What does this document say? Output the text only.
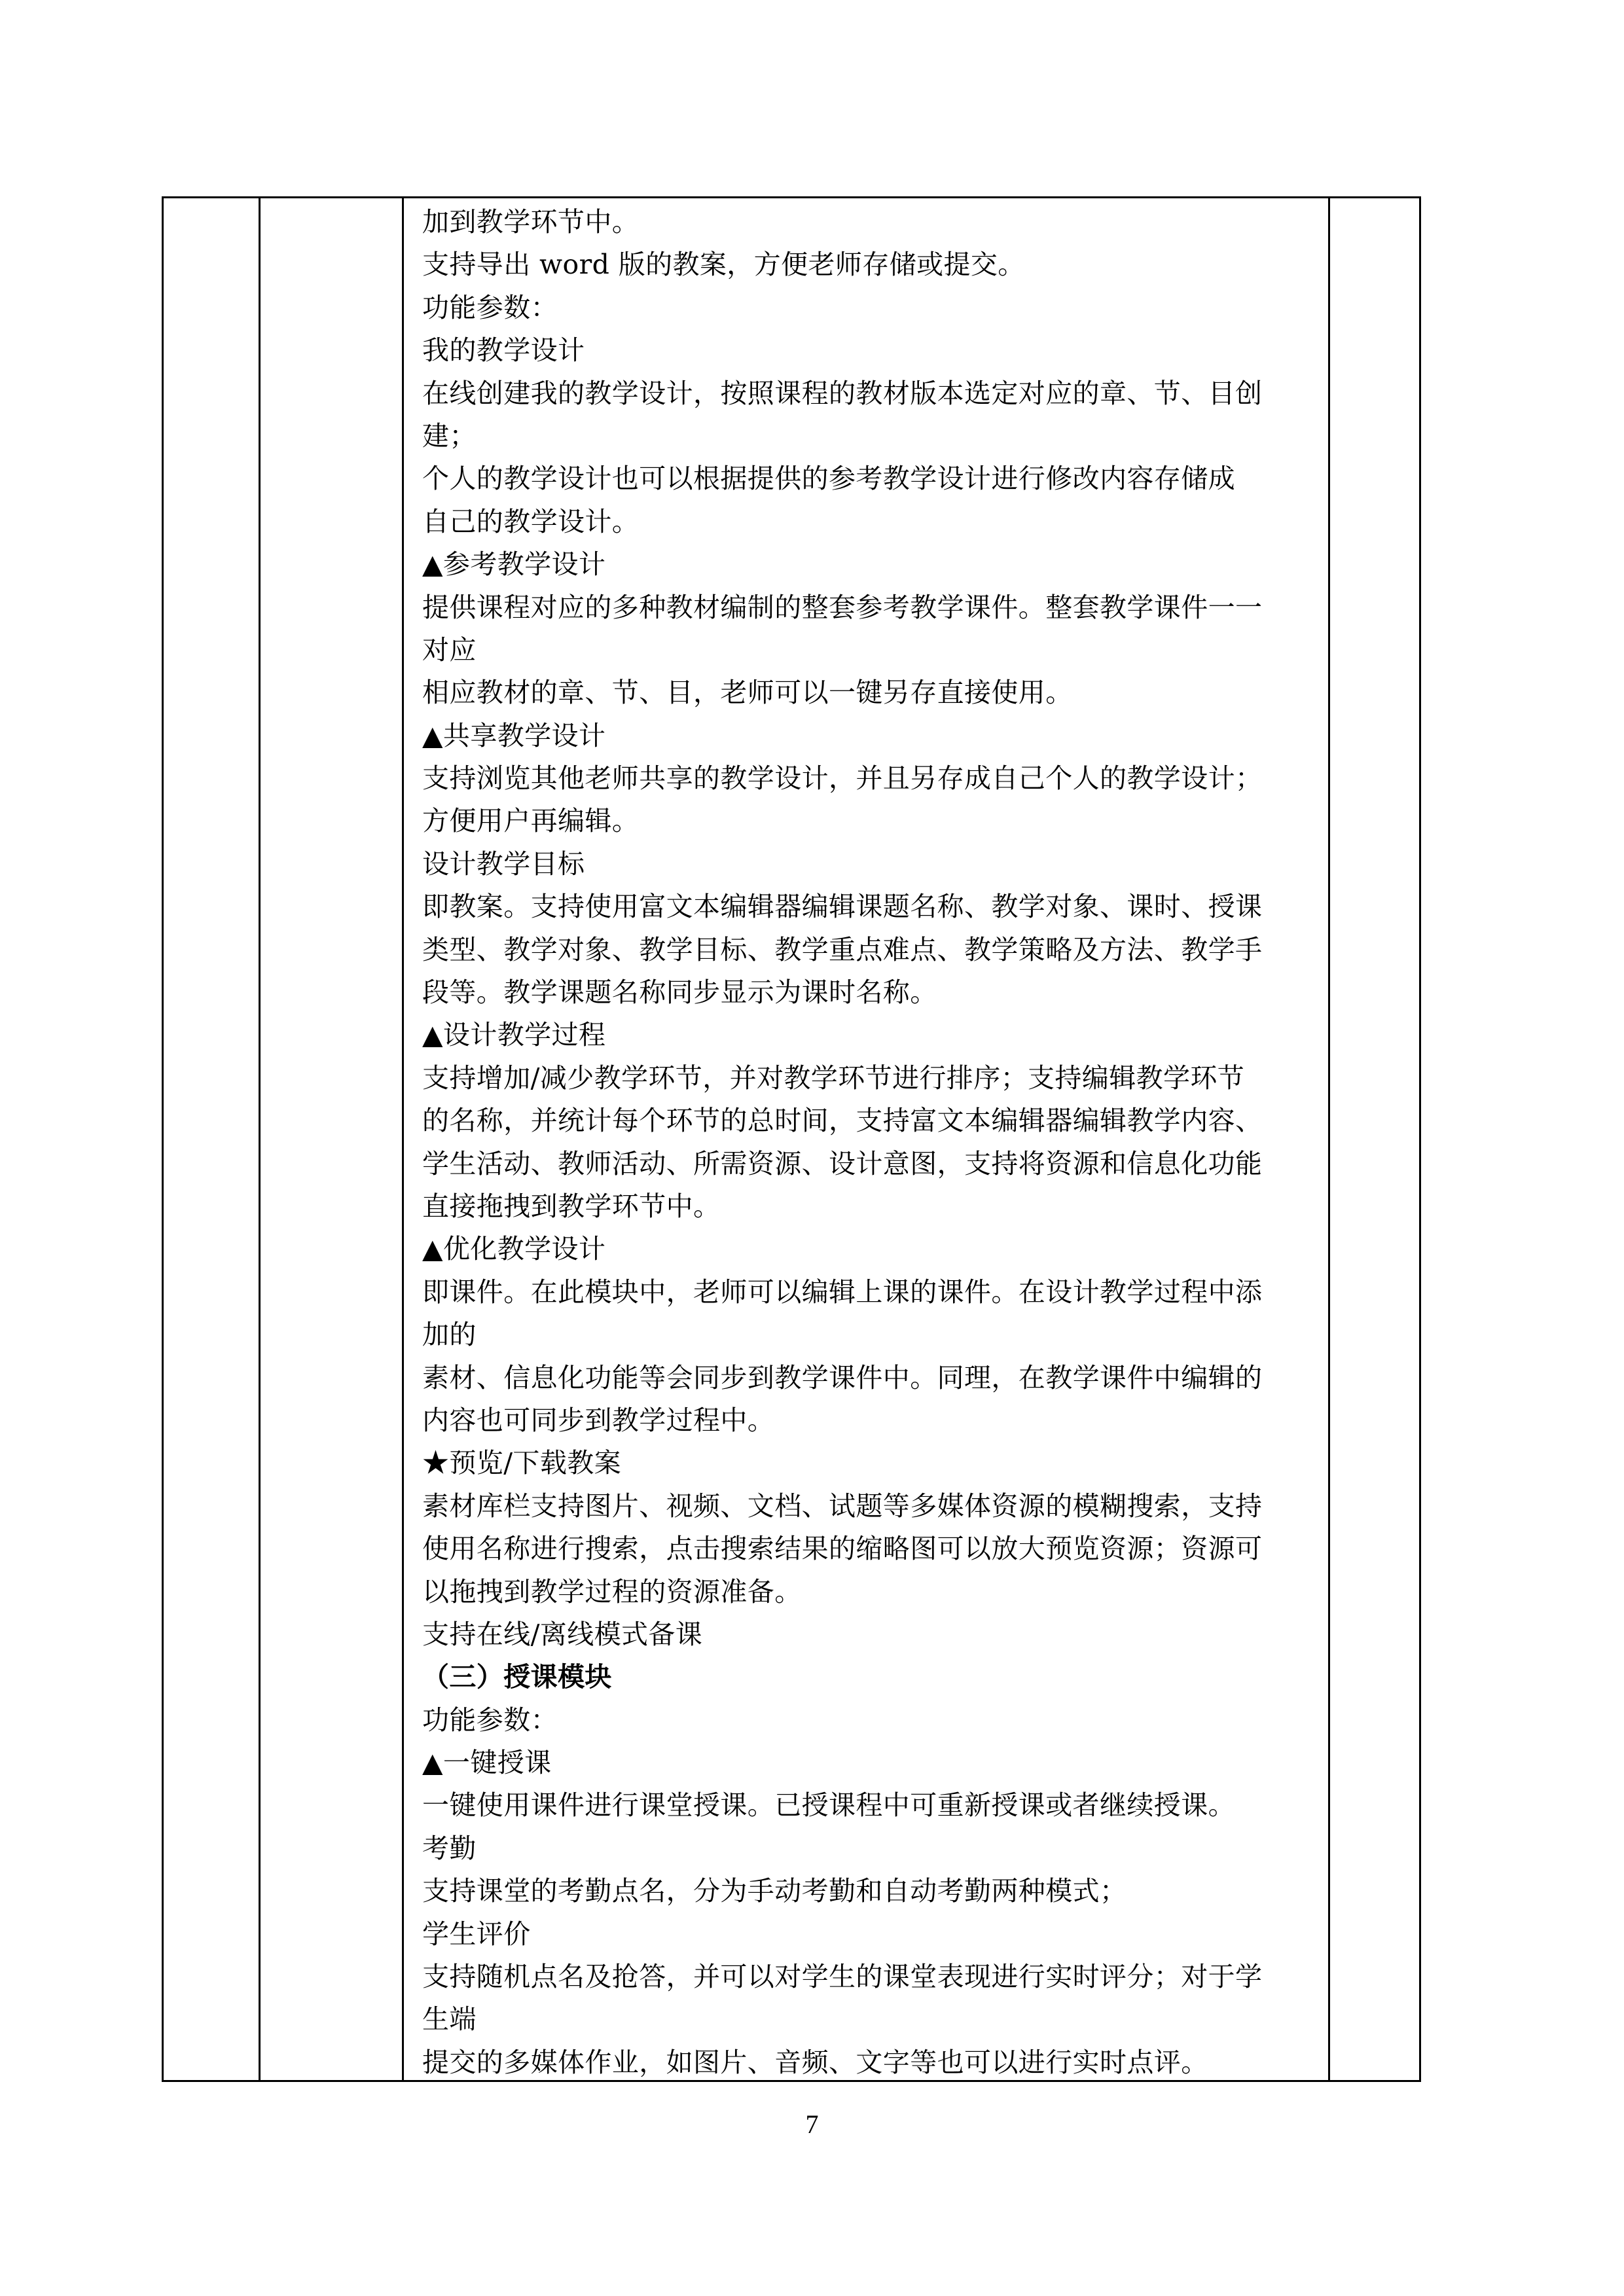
加到教学环节中。
支持导出 word 版的教案，方便老师存储或提交。
功能参数：
我的教学设计
在线创建我的教学设计，按照课程的教材版本选定对应的章、节、目创
建；
个人的教学设计也可以根据提供的参考教学设计进行修改内容存储成
自己的教学设计。
▲参考教学设计
提供课程对应的多种教材编制的整套参考教学课件。整套教学课件一一
对应
相应教材的章、节、目，老师可以一键另存直接使用。
▲共享教学设计
支持浏览其他老师共享的教学设计，并且另存成自己个人的教学设计；
方便用户再编辑。
设计教学目标
即教案。支持使用富文本编辑器编辑课题名称、教学对象、课时、授课
类型、教学对象、教学目标、教学重点难点、教学策略及方法、教学手
段等。教学课题名称同步显示为课时名称。
▲设计教学过程
支持增加/减少教学环节，并对教学环节进行排序；支持编辑教学环节
的名称，并统计每个环节的总时间，支持富文本编辑器编辑教学内容、
学生活动、教师活动、所需资源、设计意图，支持将资源和信息化功能
直接拖拽到教学环节中。
▲优化教学设计
即课件。在此模块中，老师可以编辑上课的课件。在设计教学过程中添
加的
素材、信息化功能等会同步到教学课件中。同理，在教学课件中编辑的
内容也可同步到教学过程中。
★预览/下载教案
素材库栏支持图片、视频、文档、试题等多媒体资源的模糊搜索，支持
使用名称进行搜索，点击搜索结果的缩略图可以放大预览资源；资源可
以拖拽到教学过程的资源准备。
支持在线/离线模式备课
（三）授课模块
功能参数：
▲一键授课
一键使用课件进行课堂授课。已授课程中可重新授课或者继续授课。
考勤
支持课堂的考勤点名，分为手动考勤和自动考勤两种模式；
学生评价
支持随机点名及抢答，并可以对学生的课堂表现进行实时评分；对于学
生端
提交的多媒体作业，如图片、音频、文字等也可以进行实时点评。
7
